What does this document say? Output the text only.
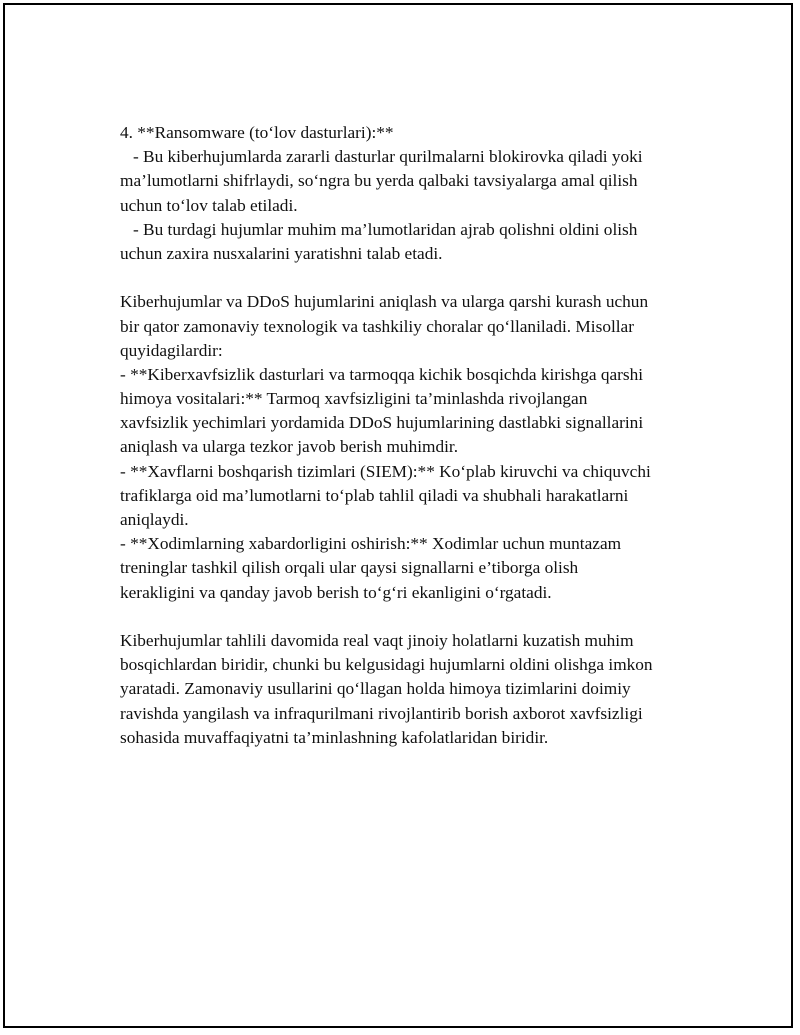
4. **Ransomware (to‘lov dasturlari):**
- Bu kiberhujumlarda zararli dasturlar qurilmalarni blokirovka qiladi yoki
ma’lumotlarni shifrlaydi, so‘ngra bu yerda qalbaki tavsiyalarga amal qilish
uchun to‘lov talab etiladi.
- Bu turdagi hujumlar muhim ma’lumotlaridan ajrab qolishni oldini olish
uchun zaxira nusxalarini yaratishni talab etadi.
Kiberhujumlar va DDoS hujumlarini aniqlash va ularga qarshi kurash uchun
bir qator zamonaviy texnologik va tashkiliy choralar qo‘llaniladi. Misollar
quyidagilardir:
- **Kiberxavfsizlik dasturlari va tarmoqqa kichik bosqichda kirishga qarshi
himoya vositalari:** Tarmoq xavfsizligini ta’minlashda rivojlangan
xavfsizlik yechimlari yordamida DDoS hujumlarining dastlabki signallarini
aniqlash va ularga tezkor javob berish muhimdir.
- **Xavflarni boshqarish tizimlari (SIEM):** Ko‘plab kiruvchi va chiquvchi
trafiklarga oid ma’lumotlarni to‘plab tahlil qiladi va shubhali harakatlarni
aniqlaydi.
- **Xodimlarning xabardorligini oshirish:** Xodimlar uchun muntazam
treninglar tashkil qilish orqali ular qaysi signallarni e’tiborga olish
kerakligini va qanday javob berish to‘g‘ri ekanligini o‘rgatadi.
Kiberhujumlar tahlili davomida real vaqt jinoiy holatlarni kuzatish muhim
bosqichlardan biridir, chunki bu kelgusidagi hujumlarni oldini olishga imkon
yaratadi. Zamonaviy usullarini qo‘llagan holda himoya tizimlarini doimiy
ravishda yangilash va infraqurilmani rivojlantirib borish axborot xavfsizligi
sohasida muvaffaqiyatni ta’minlashning kafolatlaridan biridir.
